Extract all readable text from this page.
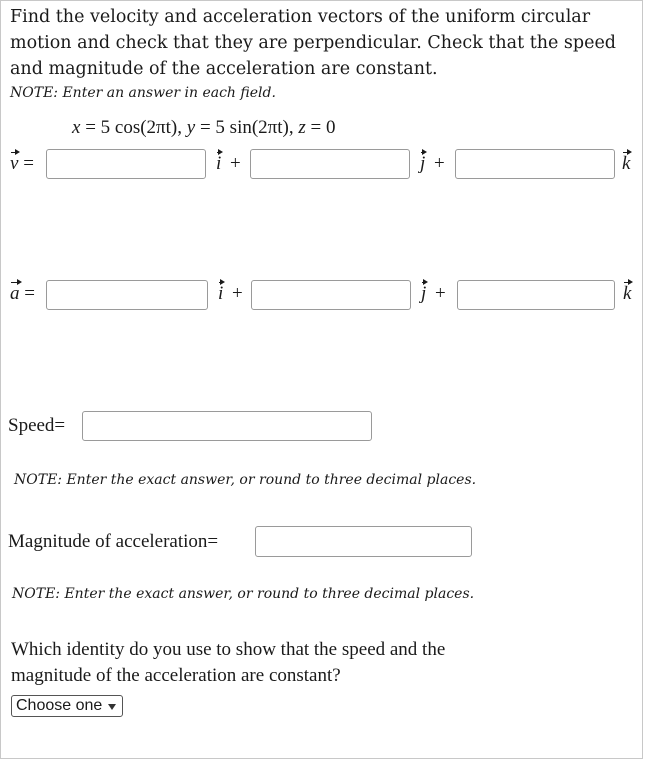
Find the velocity and acceleration vectors of the uniform circular
motion and check that they are perpendicular. Check that the speed
and magnitude of the acceleration are constant.
NOTE: Enter an answer in each field.
x = 5 cos(2πt), y = 5 sin(2πt), z = 0
v =	i +	j +	k
a =	i +	j +	k
Speed=
NOTE: Enter the exact answer, or round to three decimal places.
Magnitude of acceleration=
NOTE: Enter the exact answer, or round to three decimal places.
Which identity do you use to show that the speed and the
magnitude of the acceleration are constant?
Choose one
